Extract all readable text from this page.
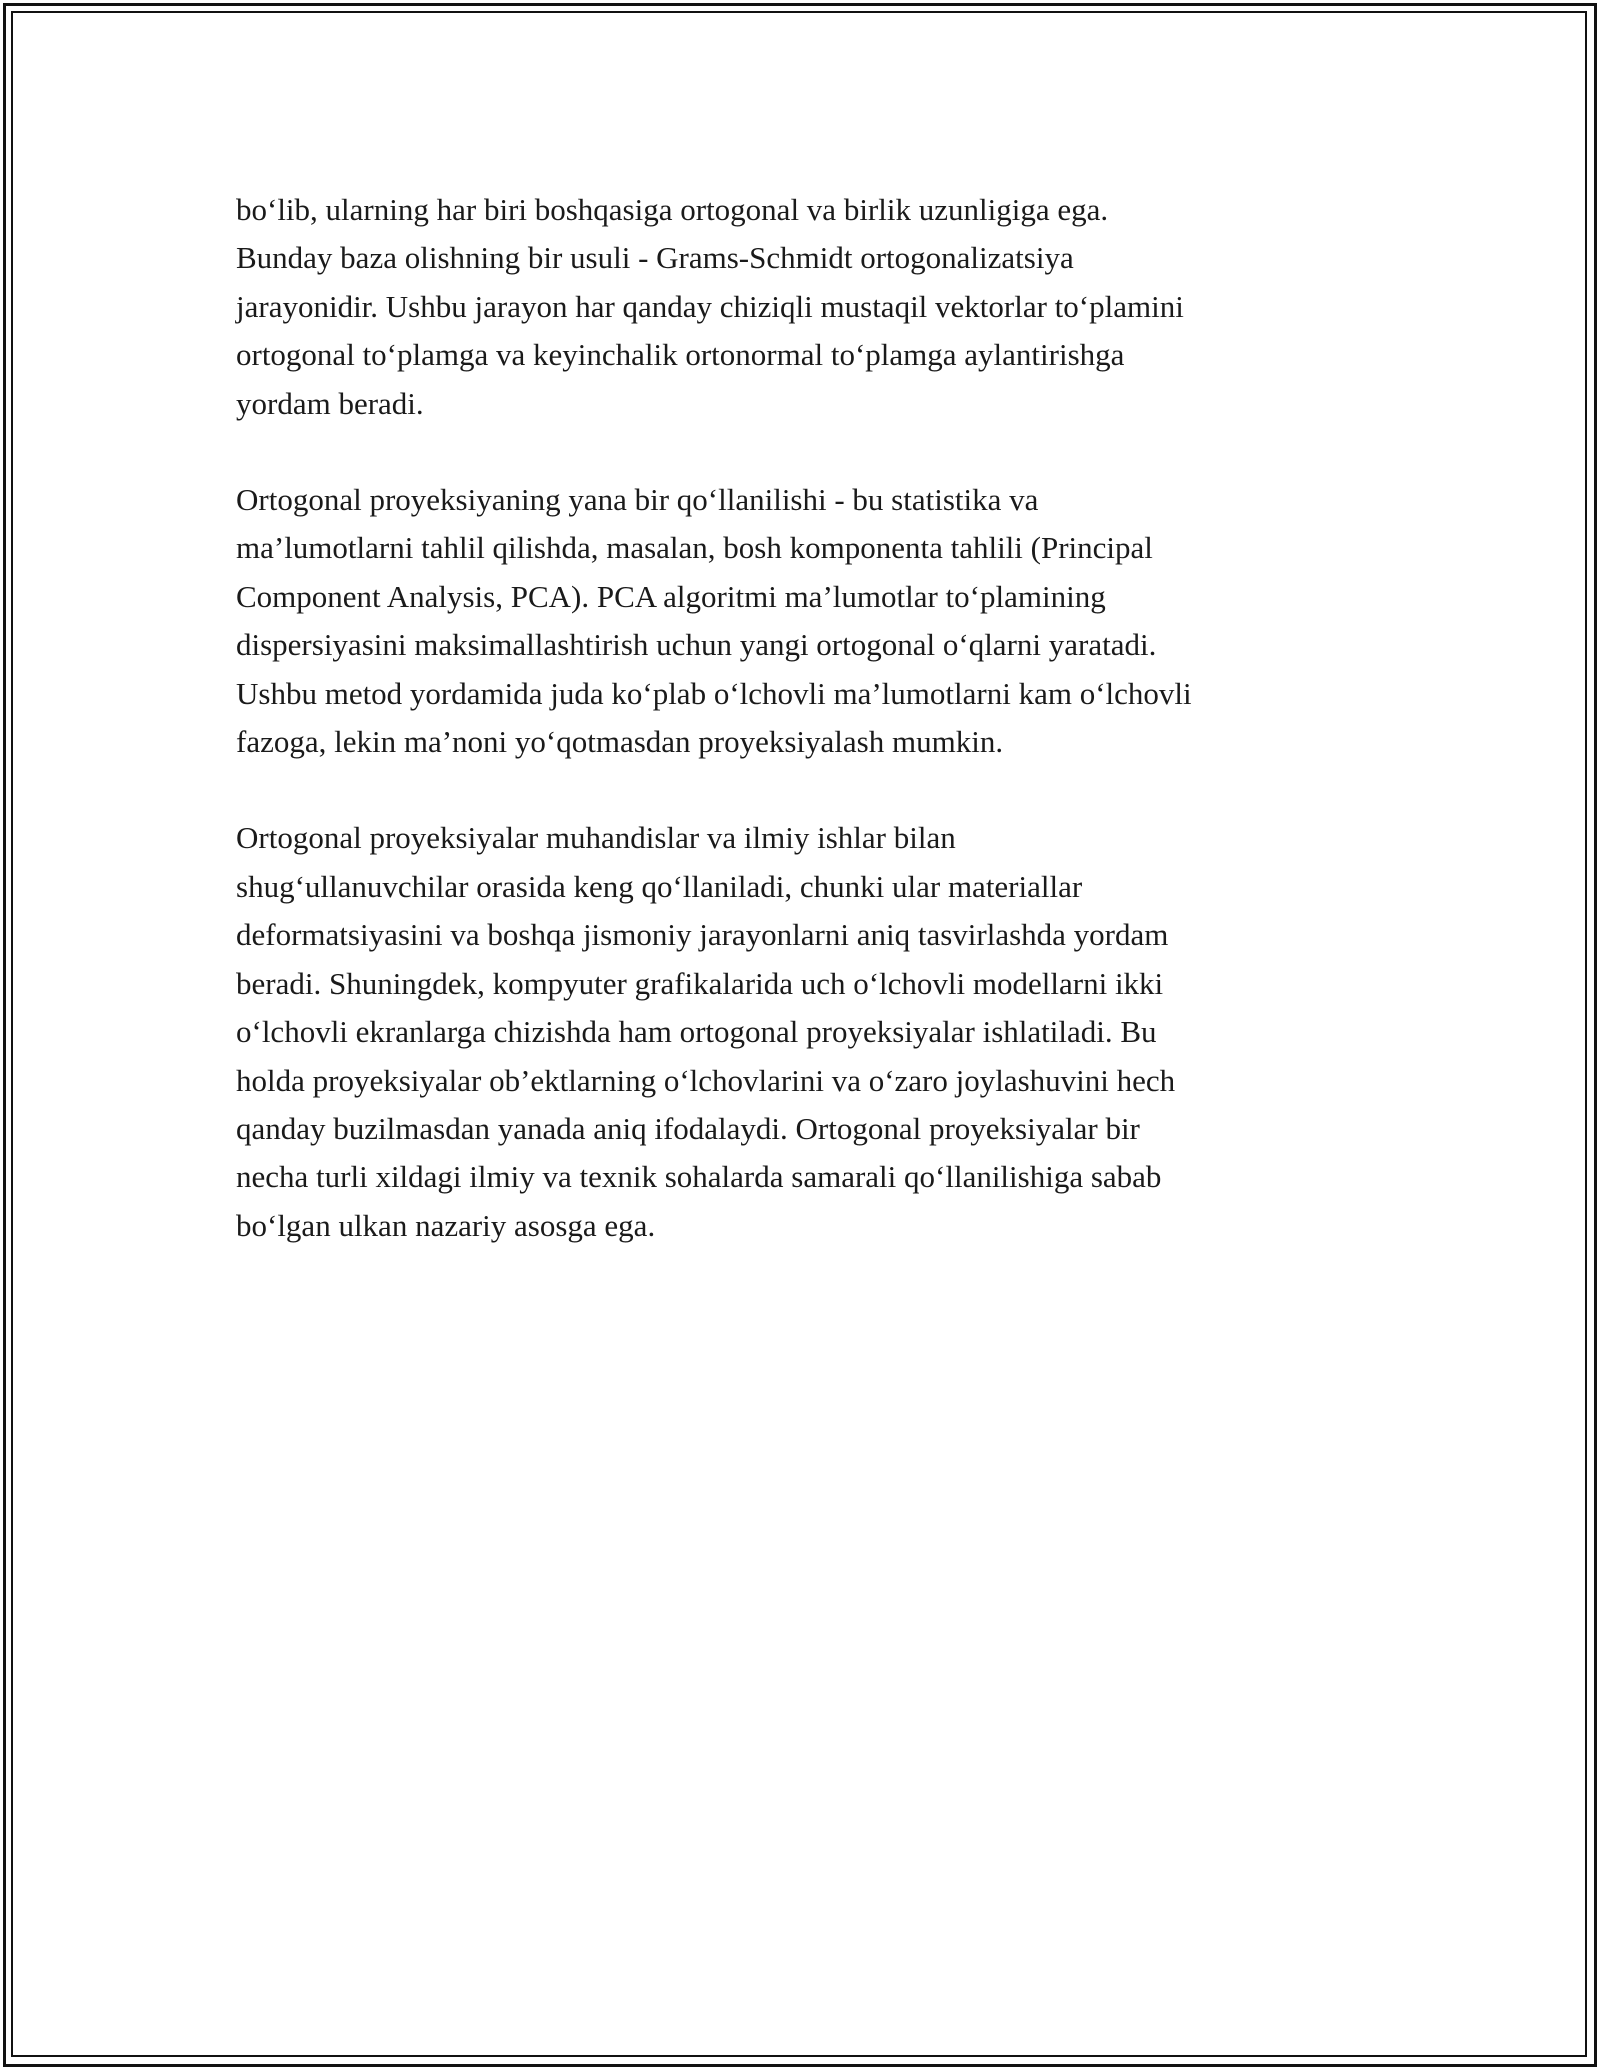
bo‘lib, ularning har biri boshqasiga ortogonal va birlik uzunligiga ega.
Bunday baza olishning bir usuli - Grams-Schmidt ortogonalizatsiya
jarayonidir. Ushbu jarayon har qanday chiziqli mustaqil vektorlar to‘plamini
ortogonal to‘plamga va keyinchalik ortonormal to‘plamga aylantirishga
yordam beradi.

Ortogonal proyeksiyaning yana bir qo‘llanilishi - bu statistika va
ma’lumotlarni tahlil qilishda, masalan, bosh komponenta tahlili (Principal
Component Analysis, PCA). PCA algoritmi ma’lumotlar to‘plamining
dispersiyasini maksimallashtirish uchun yangi ortogonal o‘qlarni yaratadi.
Ushbu metod yordamida juda ko‘plab o‘lchovli ma’lumotlarni kam o‘lchovli
fazoga, lekin ma’noni yo‘qotmasdan proyeksiyalash mumkin.

Ortogonal proyeksiyalar muhandislar va ilmiy ishlar bilan
shug‘ullanuvchilar orasida keng qo‘llaniladi, chunki ular materiallar
deformatsiyasini va boshqa jismoniy jarayonlarni aniq tasvirlashda yordam
beradi. Shuningdek, kompyuter grafikalarida uch o‘lchovli modellarni ikki
o‘lchovli ekranlarga chizishda ham ortogonal proyeksiyalar ishlatiladi. Bu
holda proyeksiyalar ob’ektlarning o‘lchovlarini va o‘zaro joylashuvini hech
qanday buzilmasdan yanada aniq ifodalaydi. Ortogonal proyeksiyalar bir
necha turli xildagi ilmiy va texnik sohalarda samarali qo‘llanilishiga sabab
bo‘lgan ulkan nazariy asosga ega.
